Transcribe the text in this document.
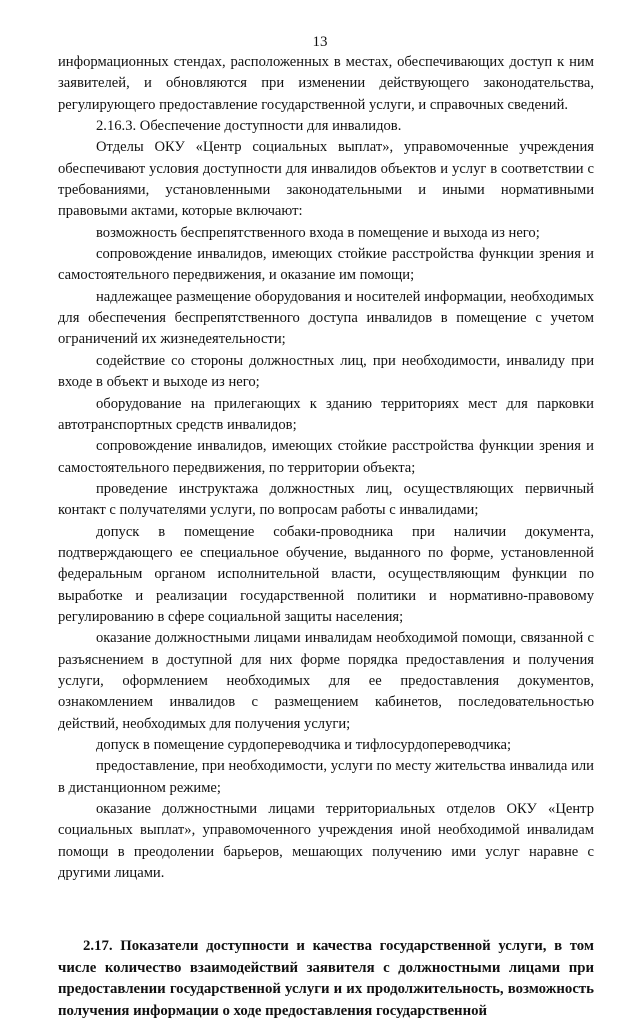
13

информационных стендах, расположенных в местах, обеспечивающих доступ к ним заявителей, и обновляются при изменении действующего законодательства, регулирующего предоставление государственной услуги, и справочных сведений.

2.16.3. Обеспечение доступности для инвалидов.

Отделы ОКУ «Центр социальных выплат», управомоченные учреждения обеспечивают условия доступности для инвалидов объектов и услуг в соответствии с требованиями, установленными законодательными и иными нормативными правовыми актами, которые включают:

возможность беспрепятственного входа в помещение и выхода из него;

сопровождение инвалидов, имеющих стойкие расстройства функции зрения и самостоятельного передвижения, и оказание им помощи;

надлежащее размещение оборудования и носителей информации, необходимых для обеспечения беспрепятственного доступа инвалидов в помещение с учетом ограничений их жизнедеятельности;

содействие со стороны должностных лиц, при необходимости, инвалиду при входе в объект и выходе из него;

оборудование на прилегающих к зданию территориях мест для парковки автотранспортных средств инвалидов;

сопровождение инвалидов, имеющих стойкие расстройства функции зрения и самостоятельного передвижения, по территории объекта;

проведение инструктажа должностных лиц, осуществляющих первичный контакт с получателями услуги, по вопросам работы с инвалидами;

допуск в помещение собаки-проводника при наличии документа, подтверждающего ее специальное обучение, выданного по форме, установленной федеральным органом исполнительной власти, осуществляющим функции по выработке и реализации государственной политики и нормативно-правовому регулированию в сфере социальной защиты населения;

оказание должностными лицами инвалидам необходимой помощи, связанной с разъяснением в доступной для них форме порядка предоставления и получения услуги, оформлением необходимых для ее предоставления документов, ознакомлением инвалидов с размещением кабинетов, последовательностью действий, необходимых для получения услуги;

допуск в помещение сурдопереводчика и тифлосурдопереводчика;

предоставление, при необходимости, услуги по месту жительства инвалида или в дистанционном режиме;

оказание должностными лицами территориальных отделов ОКУ «Центр социальных выплат», управомоченного учреждения иной необходимой инвалидам помощи в преодолении барьеров, мешающих получению ими услуг наравне с другими лицами.

2.17. Показатели доступности и качества государственной услуги, в том числе количество взаимодействий заявителя с должностными лицами при предоставлении государственной услуги и их продолжительность, возможность получения информации о ходе предоставления государственной
